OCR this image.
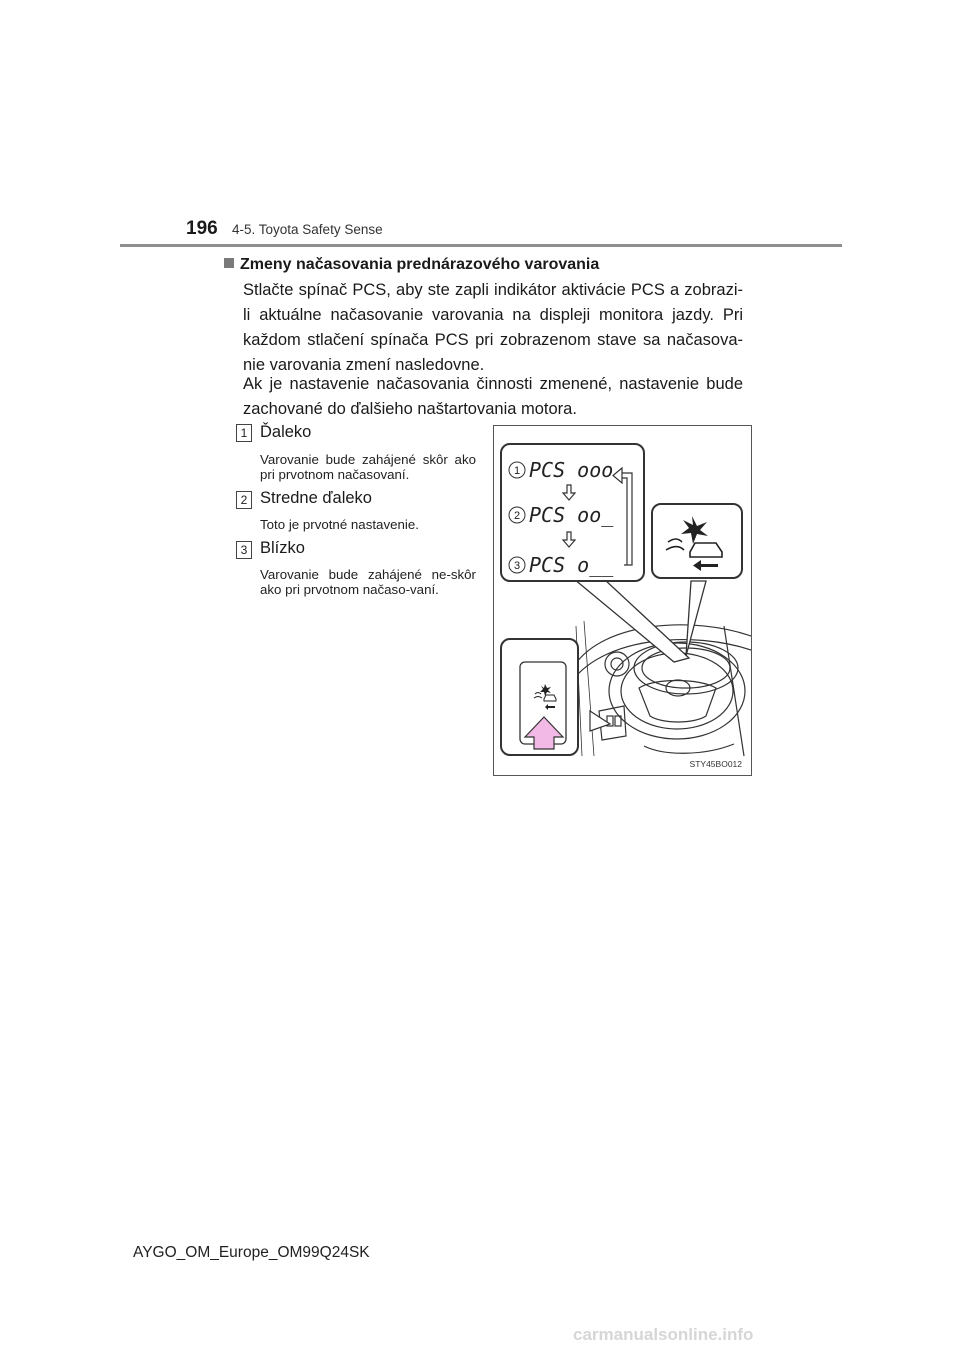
196 4-5. Toyota Safety Sense
Zmeny načasovania prednárazového varovania
Stlačte spínač PCS, aby ste zapli indikátor aktivácie PCS a zobrazi-li aktuálne načasovanie varovania na displeji monitora jazdy. Pri každom stlačení spínača PCS pri zobrazenom stave sa načasova-nie varovania zmení nasledovne.
Ak je nastavenie načasovania činnosti zmenené, nastavenie bude zachované do ďalšieho naštartovania motora.
1 Ďaleko
Varovanie bude zahájené skôr ako pri prvotnom načasovaní.
2 Stredne ďaleko
Toto je prvotné nastavenie.
3 Blízko
Varovanie bude zahájené ne-skôr ako pri prvotnom načaso-vaní.
1 PCS ooo
2 PCS oo_
3 PCS o__
STY45BO012
AYGO_OM_Europe_OM99Q24SK
carmanualsonline.info
